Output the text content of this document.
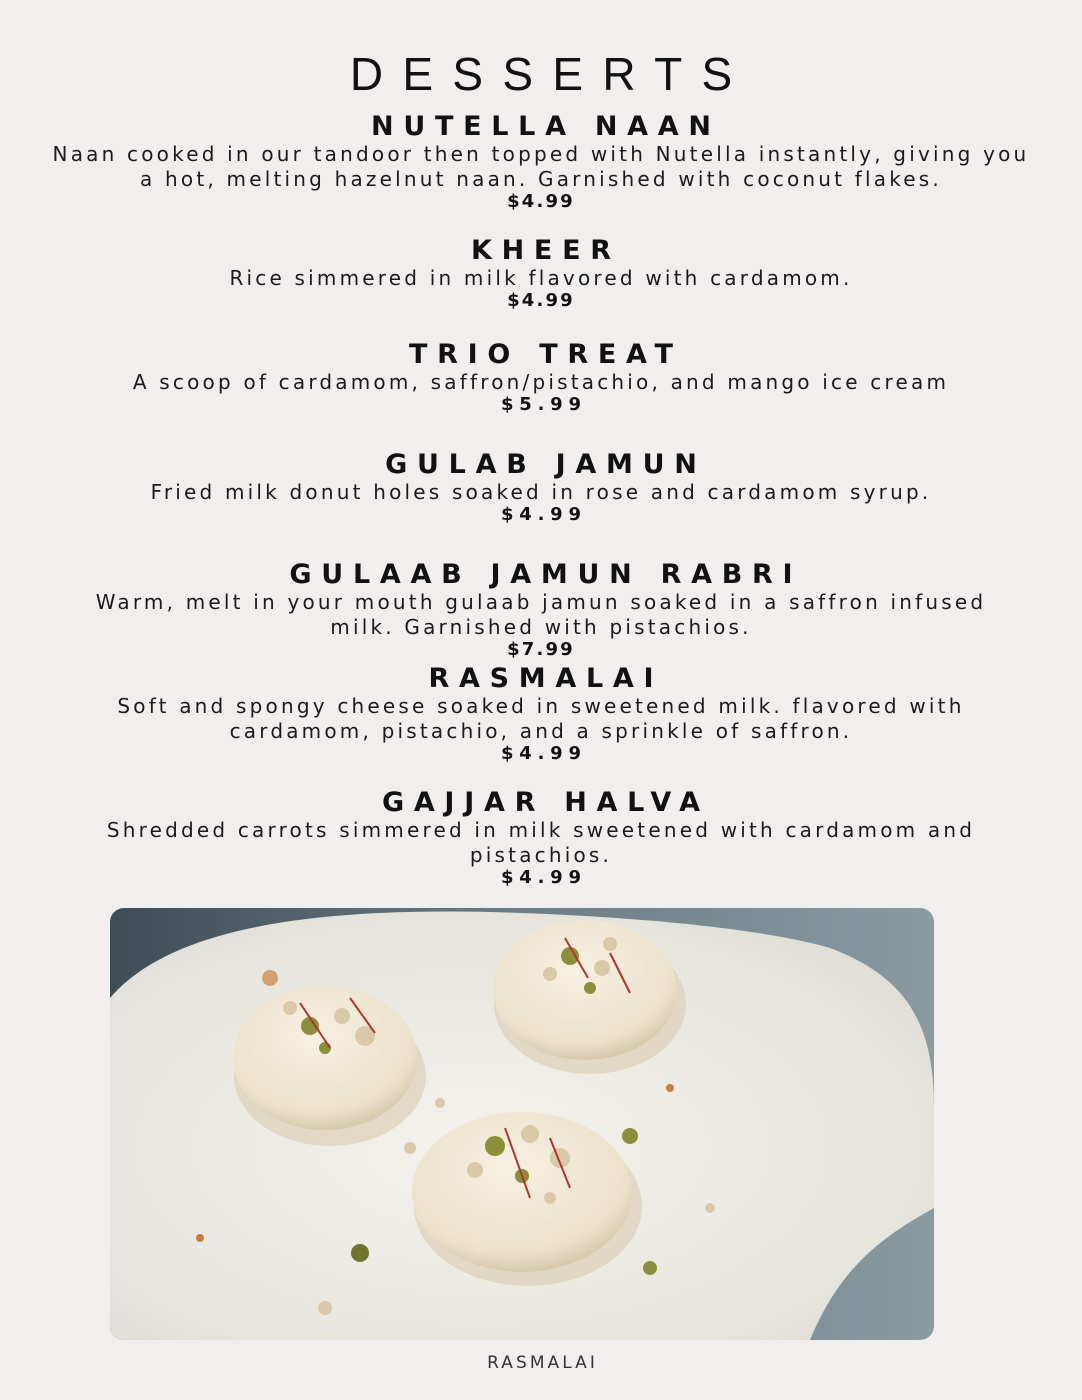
DESSERTS
NUTELLA NAAN
Naan cooked in our tandoor then topped with Nutella instantly, giving you a hot, melting hazelnut naan. Garnished with coconut flakes.
$4.99
KHEER
Rice simmered in milk flavored with cardamom.
$4.99
TRIO TREAT
A scoop of cardamom, saffron/pistachio, and mango ice cream
$5.99
GULAB JAMUN
Fried milk donut holes soaked in rose and cardamom syrup.
$4.99
GULAAB JAMUN RABRI
Warm, melt in your mouth gulaab jamun soaked in a saffron infused milk. Garnished with pistachios.
$7.99
RASMALAI
Soft and spongy cheese soaked in sweetened milk. flavored with cardamom, pistachio, and a sprinkle of saffron.
$4.99
GAJJAR HALVA
Shredded carrots simmered in milk sweetened with cardamom and pistachios.
$4.99
RASMALAI
